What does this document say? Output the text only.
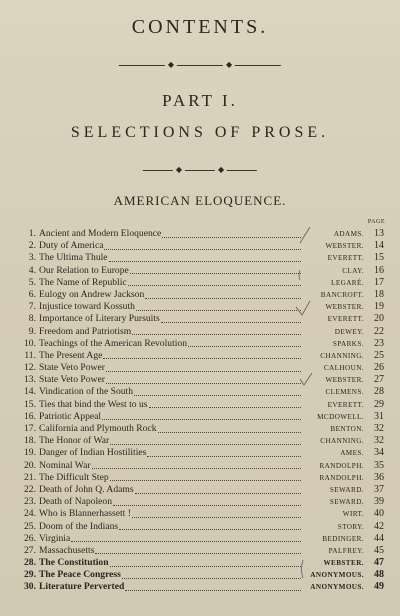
CONTENTS.
◆	◆
PART I.
SELECTIONS OF PROSE.
◆	◆
AMERICAN ELOQUENCE.
PAGE
1. Ancient and Modern Eloquence	ADAMS.	13
2. Duty of America	WEBSTER.	14
3. The Ultima Thule	EVERETT.	15
4. Our Relation to Europe	CLAY.	16
5. The Name of Republic	LEGARÉ.	17
6. Eulogy on Andrew Jackson	BANCROFT.	18
7. Injustice toward Kossuth	WEBSTER.	19
8. Importance of Literary Pursuits	EVERETT.	20
9. Freedom and Patriotism	DEWEY.	22
10. Teachings of the American Revolution	SPARKS.	23
11. The Present Age	CHANNING.	25
12. State Veto Power	CALHOUN.	26
13. State Veto Power	WEBSTER.	27
14. Vindication of the South	CLEMENS.	28
15. Ties that bind the West to us	EVERETT.	29
16. Patriotic Appeal	MCDOWELL.	31
17. California and Plymouth Rock	BENTON.	32
18. The Honor of War	CHANNING.	32
19. Danger of Indian Hostilities	AMES.	34
20. Nominal War	RANDOLPH.	35
21. The Difficult Step	RANDOLPH.	36
22. Death of John Q. Adams	SEWARD.	37
23. Death of Napoleon	SEWARD.	39
24. Who is Blannerhassett !	WIRT.	40
25. Doom of the Indians	STORY.	42
26. Virginia	BEDINGER.	44
27. Massachusetts	PALFREY.	45
28. The Constitution	WEBSTER.	47
29. The Peace Congress	ANONYMOUS.	48
30. Literature Perverted	ANONYMOUS.	49
